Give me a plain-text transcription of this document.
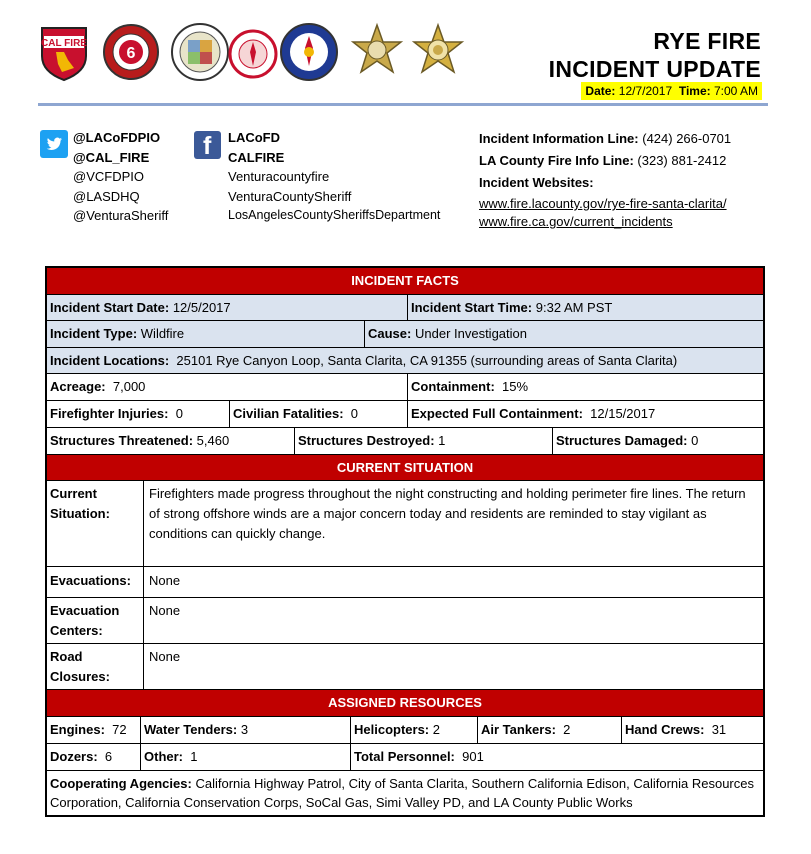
CAL FIRE
6	RYE FIRE
INCIDENT UPDATE
Date: 12/7/2017 Time: 7:00 AM
@LACoFDPIO
@CAL_FIRE
@VCFDPIO
@LASDHQ
@VenturaSheriff
f LACoFD
CALFIRE
Venturacountyfire
VenturaCountySheriff
LosAngelesCountySheriffsDepartment
Incident Information Line: (424) 266-0701
LA County Fire Info Line: (323) 881-2412
Incident Websites:
www.fire.lacounty.gov/rye-fire-santa-clarita/
www.fire.ca.gov/current_incidents
INCIDENT FACTS
Incident Start Date: 12/5/2017	Incident Start Time: 9:32 AM PST
Incident Type: Wildfire	Cause: Under Investigation
Incident Locations: 25101 Rye Canyon Loop, Santa Clarita, CA 91355 (surrounding areas of Santa Clarita)
Acreage: 7,000	Containment: 15%
Firefighter Injuries: 0	Civilian Fatalities: 0	Expected Full Containment: 12/15/2017
Structures Threatened: 5,460	Structures Destroyed: 1	Structures Damaged: 0
CURRENT SITUATION
Current Situation:
Firefighters made progress throughout the night constructing and holding perimeter fire lines. The return of strong offshore winds are a major concern today and residents are reminded to stay vigilant as conditions can quickly change.
Evacuations:	None
Evacuation Centers:
None
Road Closures:
None
ASSIGNED RESOURCES
Engines: 72	Water Tenders: 3	Helicopters: 2	Air Tankers: 2	Hand Crews: 31
Dozers: 6	Other: 1	Total Personnel: 901
Cooperating Agencies: California Highway Patrol, City of Santa Clarita, Southern California Edison, California Resources Corporation, California Conservation Corps, SoCal Gas, Simi Valley PD, and LA County Public Works
